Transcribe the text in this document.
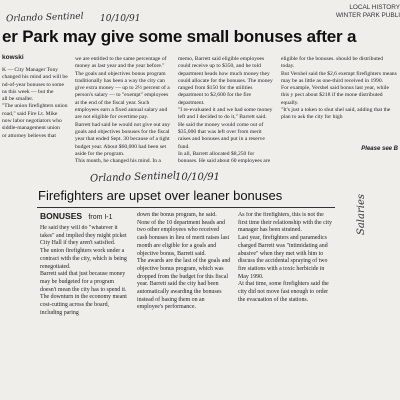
LOCAL HISTORY
WINTER PARK PUBLI
Orlando Sentinel 10/10/91
er Park may give some small bonuses after a
kowski

K — City Manager Tony
changed his mind and will be
nd-of-year bonuses to some
ns this week — but the
all be smaller.
"The union firefighters union
road," said Fire Lt. Mike
now labor negotiators who
siddle-management union
or attorney believes that

we are entitled to the same percentage of money as last year and the year before."
The goals and objectives bonus program traditionally has been a way the city can give extra money — up to 2½ percent of a person's salary — to "exempt" employees at the end of the fiscal year. Such employees earn a fixed annual salary and are not eligible for overtime pay.
Barrett had said he would not give out any goals and objectives bonuses for the fiscal year that ended Sept. 30 because of a tight budget year. About $60,000 had been set aside for the program.
This month, he changed his mind. In a

memo, Barrett said eligible employees could receive up to $350, and he told department heads how much money they could allocate for the bonuses. The money ranged from $150 for the utilities department to $2,600 for the fire department.
"I re-evaluated it and we had some money left and I decided to do it," Barrett said. He said the money would come out of $35,000 that was left over from merit raises and bonuses and put in a reserve fund.
In all, Barrett allocated $8,250 for bonuses. He said about 60 employees are

eligible for the bonuses. should be distributed today.
But Vershel said the $2,6 exempt firefighters means may be as little as one-third received in 1990.
For example, Vershel said bonus last year, while this y pect about $218 if the mone distributed equally.
"It's just a token to shut shel said, adding that the plan to ask the city for high

Please see B
Orlando Sentinel
10/10/91
Firefighters are upset over leaner bonuses
BONUSES from I-1

He said they will do "whatever it takes" and implied they might picket City Hall if they aren't satisfied.
The union firefighters work under a contract with the city, which is being renegotiated.
Barrett said that just because money may be budgeted for a program doesn't mean the city has to spend it. The downturn in the economy meant cost-cutting across the board, including paring

down the bonus program, he said.
None of the 10 department heads and two other employees who received cash bonuses in lieu of merit raises last month are eligible for a goals and objective bonus, Barrett said.
The awards are the last of the goals and objective bonus program, which was dropped from the budget for this fiscal year. Barrett said the city had been automatically awarding the bonuses instead of basing them on an employee's performance.

As for the firefighters, this is not the first time their relationship with the city manager has been strained.
Last year, firefighters and paramedics charged Barrett was "intimidating and abusive" when they met with him to discuss the accidental spraying of two fire stations with a toxic herbicide in May 1990.
At that time, some firefighters said the city did not move fast enough to order the evacuation of the stations.

Salaries
